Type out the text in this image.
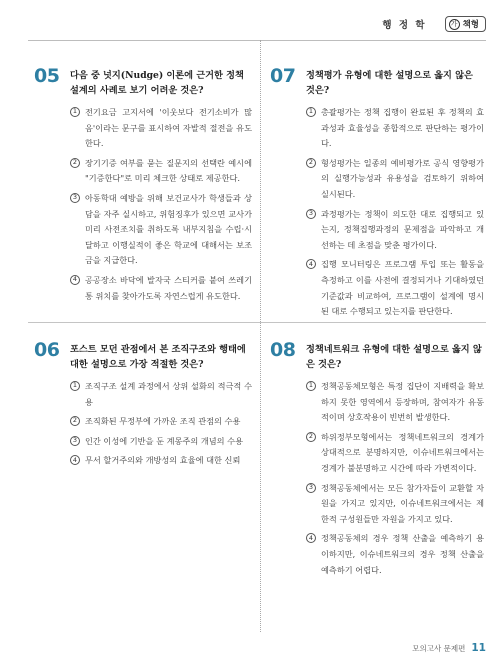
행 정 학	가 책형
05	다음 중 넛지(Nudge) 이론에 근거한 정책설계의 사례로 보기 어려운 것은?
1 전기요금 고지서에 '이웃보다 전기소비가 많음'이라는 문구를 표시하여 자발적 절전을 유도한다.
2 장기기증 여부를 묻는 질문지의 선택란 예시에 "기증한다"로 미리 체크한 상태로 제공한다.
3 아동학대 예방을 위해 보건교사가 학생들과 상담을 자주 실시하고, 위험징후가 있으면 교사가 미리 사전조치를 취하도록 내부지침을 수립·시달하고 이행실적이 좋은 학교에 대해서는 보조금을 지급한다.
4 공공장소 바닥에 발자국 스티커를 붙여 쓰레기통 위치를 찾아가도록 자연스럽게 유도한다.
06	포스트 모던 관점에서 본 조직구조와 행태에 대한 설명으로 가장 적절한 것은?
1 조직구조 설계 과정에서 상위 설화의 적극적 수용
2 조직화된 무정부에 가까운 조직 관점의 수용
3 인간 이성에 기반을 둔 계몽주의 개념의 수용
4 무서 할거주의와 개방성의 효율에 대한 신뢰
07	정책평가 유형에 대한 설명으로 옳지 않은 것은?
1 총괄평가는 정책 집행이 완료된 후 정책의 효과성과 효율성을 종합적으로 판단하는 평가이다.
2 형성평가는 일종의 예비평가로 공식 영향평가의 실행가능성과 유용성을 검토하기 위하여 실시된다.
3 과정평가는 정책이 의도한 대로 집행되고 있는지, 정책집행과정의 문제점을 파악하고 개선하는 데 초점을 맞춘 평가이다.
4 집행 모니터링은 프로그램 투입 또는 활동을 측정하고 이를 사전에 결정되거나 기대하였던 기준값과 비교하여, 프로그램이 설계에 명시된 대로 수행되고 있는지를 판단한다.
08	정책네트워크 유형에 대한 설명으로 옳지 않은 것은?
1 정책공동체모형은 특정 집단이 지배력을 확보하지 못한 영역에서 등장하며, 참여자가 유동적이며 상호작용이 빈번히 발생한다.
2 하위정부모형에서는 정책네트워크의 경계가 상대적으로 분명하지만, 이슈네트워크에서는 경계가 불분명하고 시간에 따라 가변적이다.
3 정책공동체에서는 모든 참가자들이 교환할 자원을 가지고 있지만, 이슈네트워크에서는 제한적 구성원들만 자원을 가지고 있다.
4 정책공동체의 경우 정책 산출을 예측하기 용이하지만, 이슈네트워크의 경우 정책 산출을 예측하기 어렵다.
모의고사 문제편 11
